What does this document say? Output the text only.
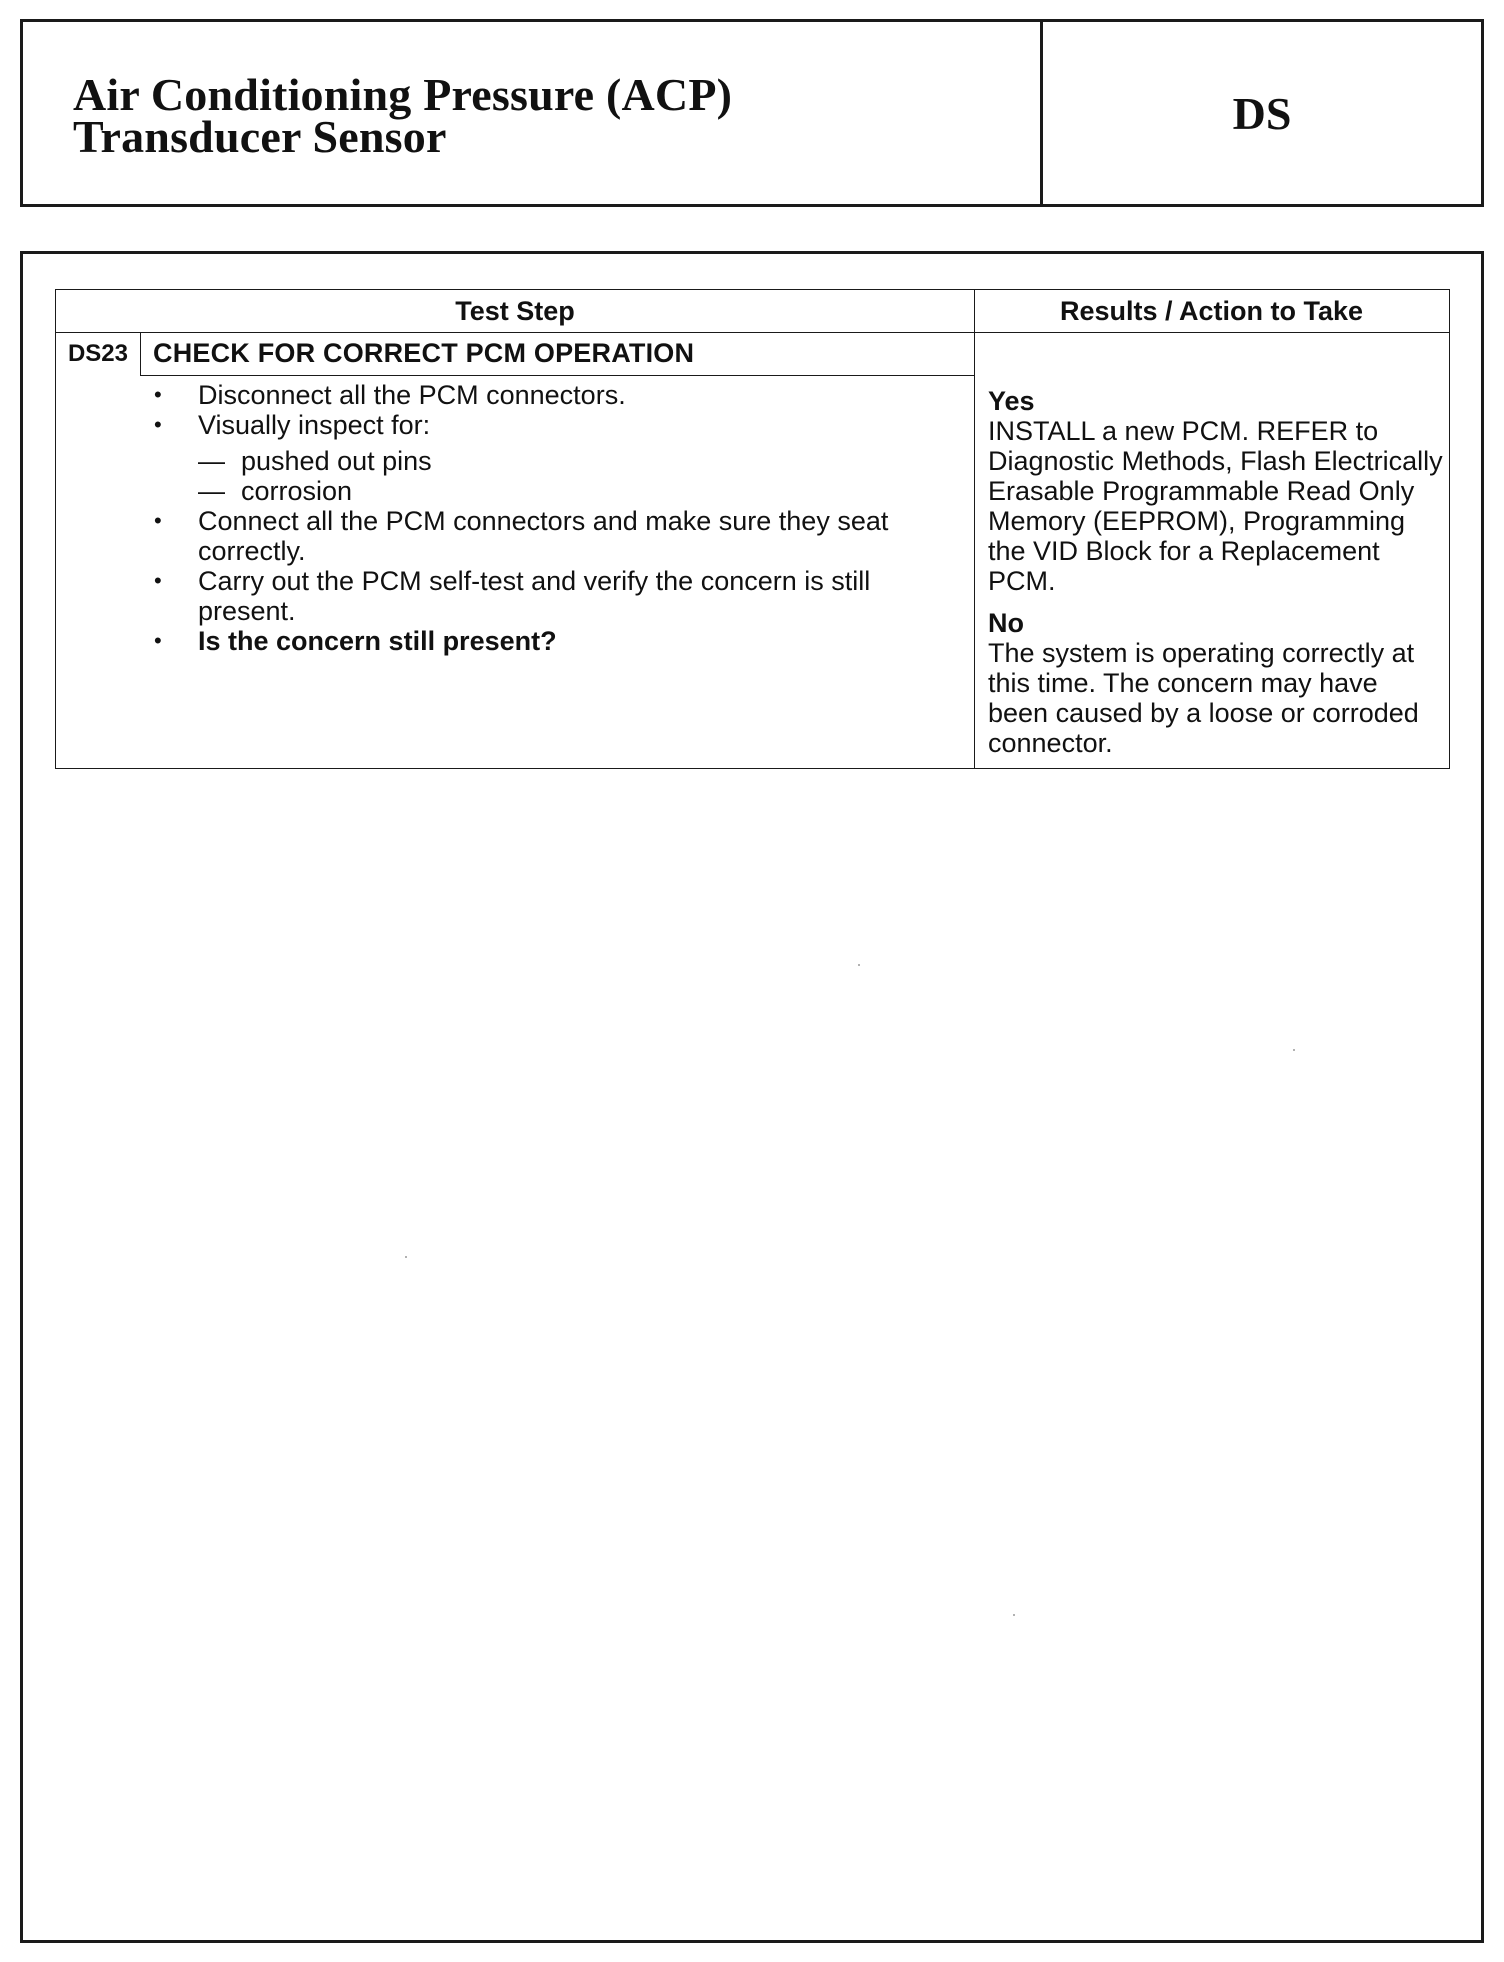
Air Conditioning Pressure (ACP)
Transducer Sensor	DS
Test Step	Results / Action to Take
DS23 CHECK FOR CORRECT PCM OPERATION
• Disconnect all the PCM connectors.
• Visually inspect for:
— pushed out pins
— corrosion
• Connect all the PCM connectors and make sure they seat correctly.
• Carry out the PCM self-test and verify the concern is still present.
• Is the concern still present?
Yes
INSTALL a new PCM. REFER to Diagnostic Methods, Flash Electrically Erasable Programmable Read Only Memory (EEPROM), Programming the VID Block for a Replacement PCM.
No
The system is operating correctly at this time. The concern may have been caused by a loose or corroded connector.
